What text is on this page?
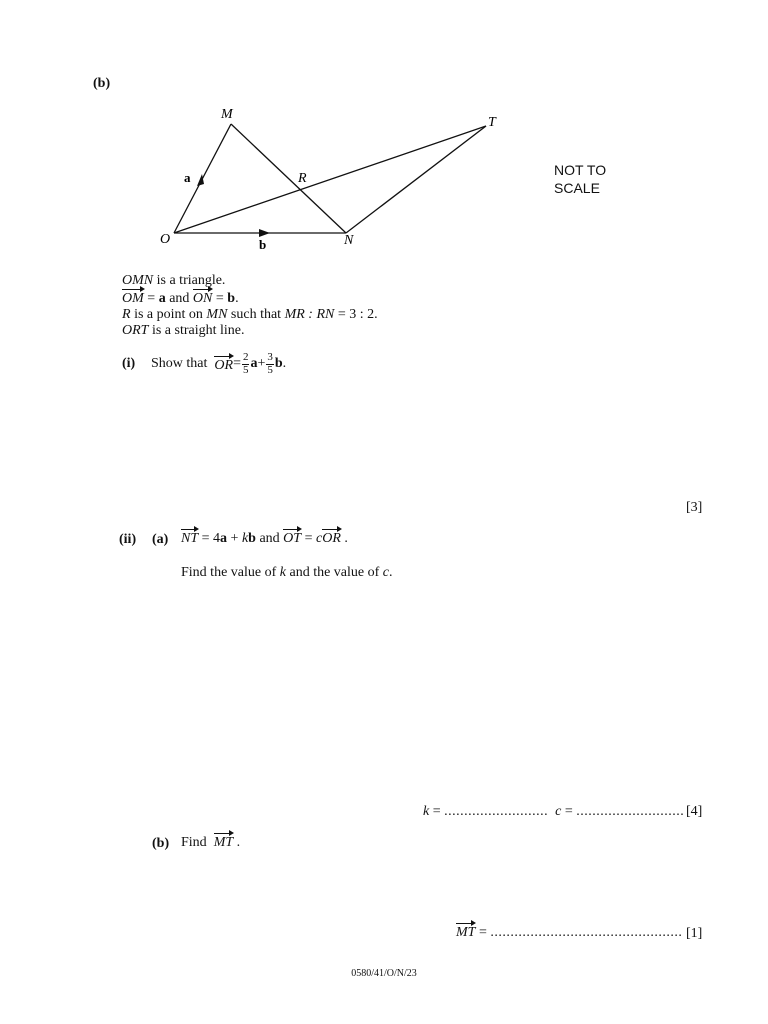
(b)
M
T
R
O	N
a
b
NOT TO
SCALE
OMN is a triangle.
OM = a and ON = b.
R is a point on MN such that MR : RN = 3 : 2.
ORT is a straight line.
(i) Show that
OR = $\frac{2}{5}$ $a + \frac{3}{5}$ b .
[3]
(ii) (a) NT = 4a + kb and OT = cOR .
Find the value of k and the value of c.
k = .......................... c = ........................... [4]
(b) Find MT .
MT = ................................................ [1]
0580/41/O/N/23
